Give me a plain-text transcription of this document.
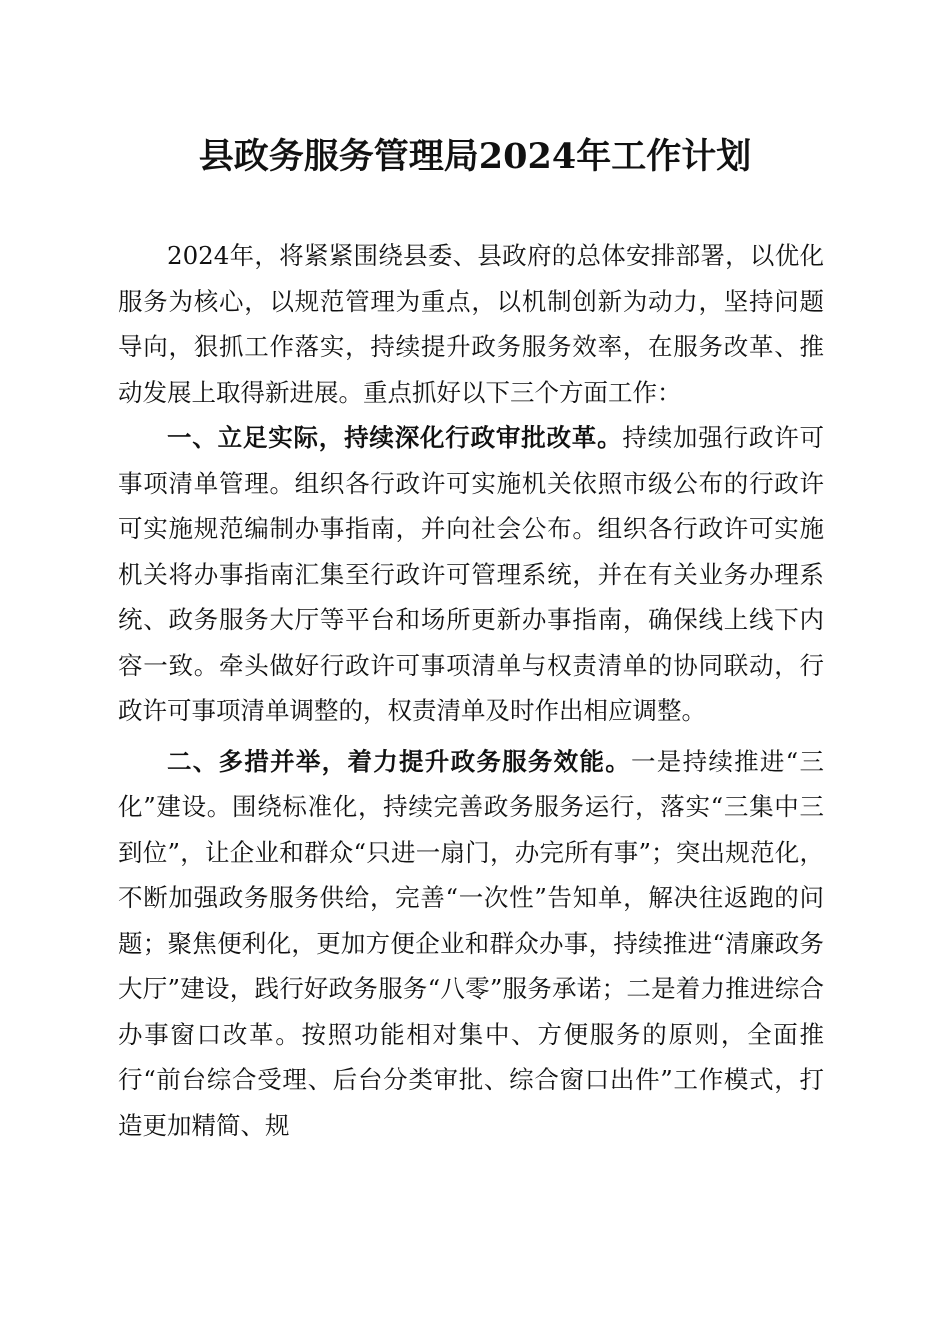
县政务服务管理局2024年工作计划

2024年，将紧紧围绕县委、县政府的总体安排部署，以优化服务为核心，以规范管理为重点，以机制创新为动力，坚持问题导向，狠抓工作落实，持续提升政务服务效率，在服务改革、推动发展上取得新进展。重点抓好以下三个方面工作：

一、立足实际，持续深化行政审批改革。持续加强行政许可事项清单管理。组织各行政许可实施机关依照市级公布的行政许可实施规范编制办事指南，并向社会公布。组织各行政许可实施机关将办事指南汇集至行政许可管理系统，并在有关业务办理系统、政务服务大厅等平台和场所更新办事指南，确保线上线下内容一致。牵头做好行政许可事项清单与权责清单的协同联动，行政许可事项清单调整的，权责清单及时作出相应调整。

二、多措并举，着力提升政务服务效能。一是持续推进“三化”建设。围绕标准化，持续完善政务服务运行，落实“三集中三到位”，让企业和群众“只进一扇门，办完所有事”；突出规范化，不断加强政务服务供给，完善“一次性”告知单，解决往返跑的问题；聚焦便利化，更加方便企业和群众办事，持续推进“清廉政务大厅”建设，践行好政务服务“八零”服务承诺；二是着力推进综合办事窗口改革。按照功能相对集中、方便服务的原则，全面推行“前台综合受理、后台分类审批、综合窗口出件”工作模式，打造更加精简、规
